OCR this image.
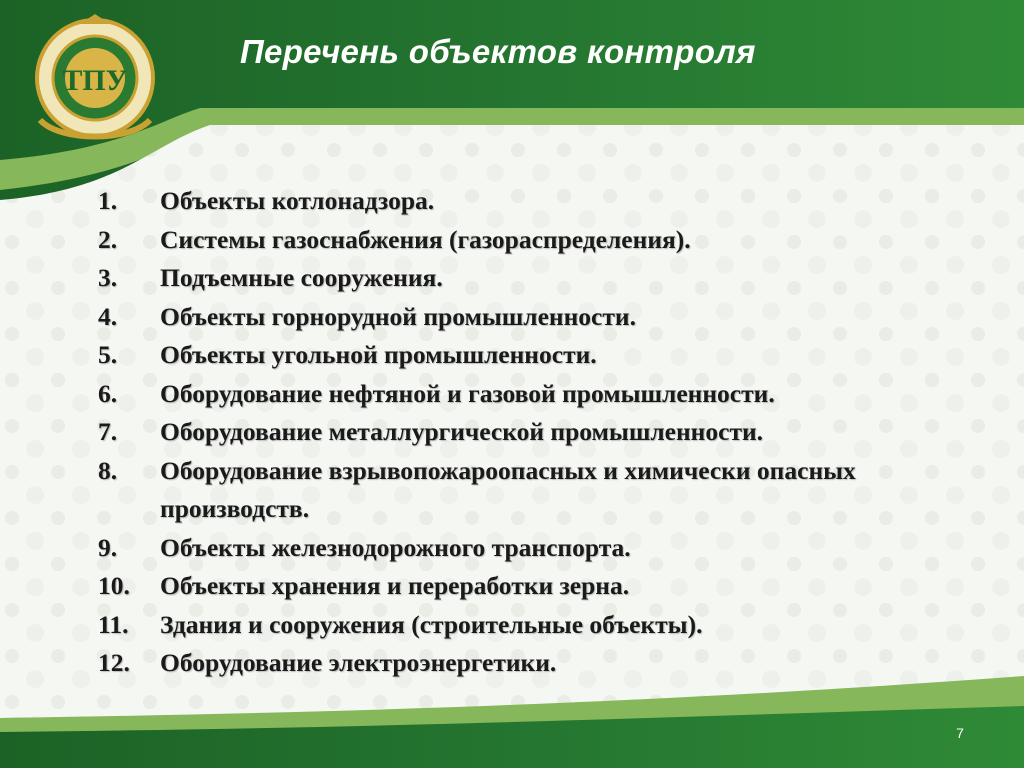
ТПУ
Перечень объектов контроля
1.	Объекты котлонадзора.
2.	Системы газоснабжения (газораспределения).
3.	Подъемные сооружения.
4.	Объекты горнорудной промышленности.
5.	Объекты угольной промышленности.
6.	Оборудование нефтяной и газовой промышленности.
7.	Оборудование металлургической промышленности.
8.	Оборудование взрывопожароопасных и химически опасных производств.
9.	Объекты железнодорожного транспорта.
10.	Объекты хранения и переработки зерна.
11.	Здания и сооружения (строительные объекты).
12.	Оборудование электроэнергетики.
7
